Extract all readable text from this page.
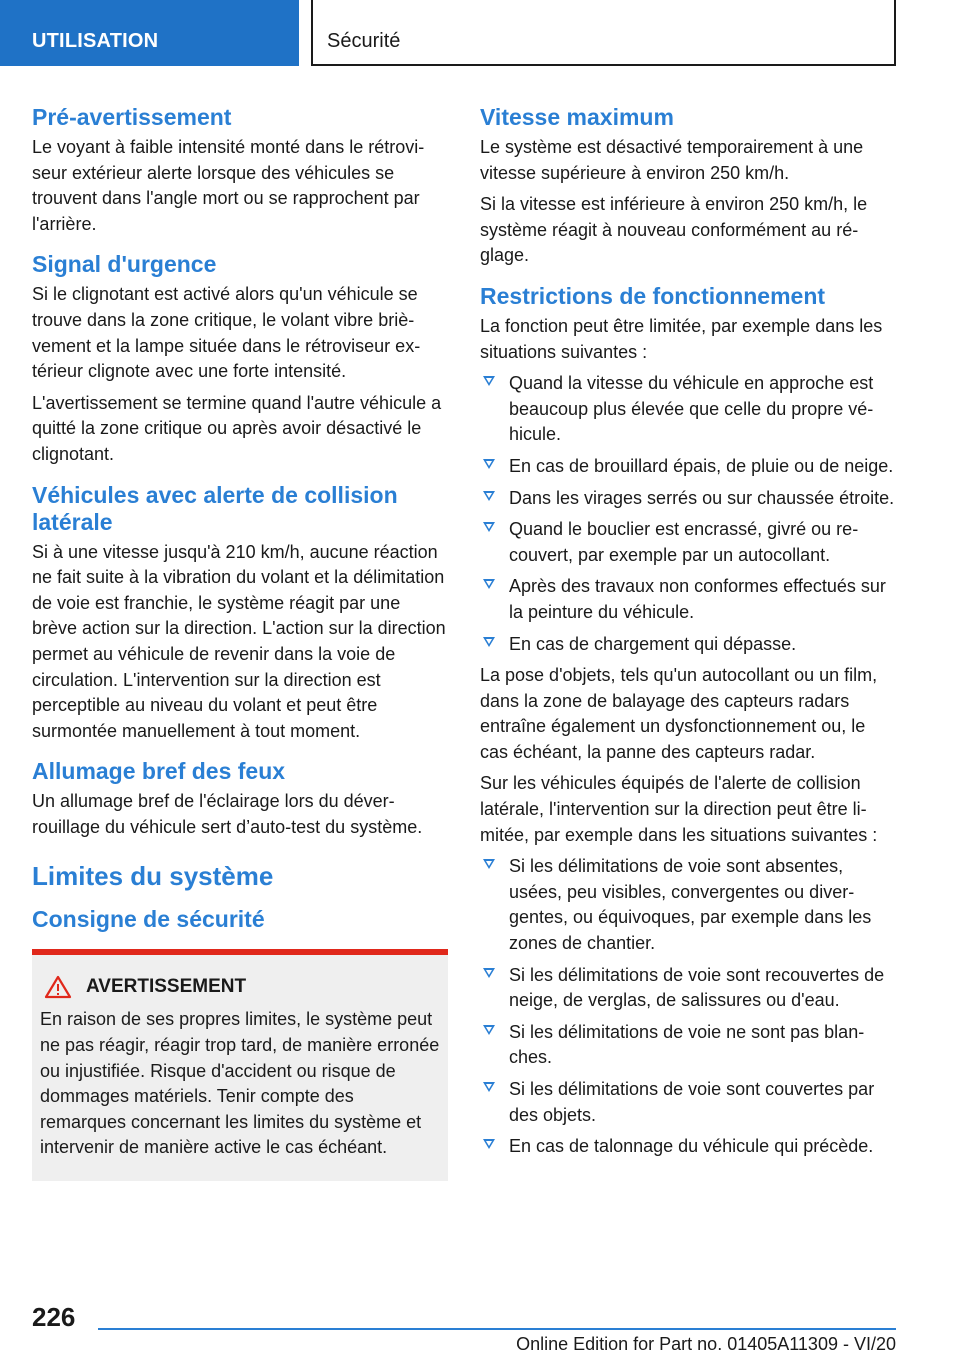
UTILISATION	Sécurité
Pré-avertissement

Le voyant à faible intensité monté dans le rétroviseur extérieur alerte lorsque des véhicules se trouvent dans l'angle mort ou se rapprochent par l'arrière.

Signal d'urgence

Si le clignotant est activé alors qu'un véhicule se trouve dans la zone critique, le volant vibre brièvement et la lampe située dans le rétroviseur extérieur clignote avec une forte intensité.

L'avertissement se termine quand l'autre véhicule a quitté la zone critique ou après avoir désactivé le clignotant.

Véhicules avec alerte de collision latérale

Si à une vitesse jusqu'à 210 km/h, aucune réaction ne fait suite à la vibration du volant et la délimitation de voie est franchie, le système réagit par une brève action sur la direction. L'action sur la direction permet au véhicule de revenir dans la voie de circulation. L'intervention sur la direction est perceptible au niveau du volant et peut être surmontée manuellement à tout moment.

Allumage bref des feux

Un allumage bref de l'éclairage lors du déverrouillage du véhicule sert d’auto-test du système.

Limites du système
Consigne de sécurité
AVERTISSEMENT

En raison de ses propres limites, le système peut ne pas réagir, réagir trop tard, de manière erronée ou injustifiée. Risque d'accident ou risque de dommages matériels. Tenir compte des remarques concernant les limites du système et intervenir de manière active le cas échéant.

Vitesse maximum

Le système est désactivé temporairement à une vitesse supérieure à environ 250 km/h.

Si la vitesse est inférieure à environ 250 km/h, le système réagit à nouveau conformément au réglage.

Restrictions de fonctionnement

La fonction peut être limitée, par exemple dans les situations suivantes :

Quand la vitesse du véhicule en approche est beaucoup plus élevée que celle du propre véhicule.
En cas de brouillard épais, de pluie ou de neige.
Dans les virages serrés ou sur chaussée étroite.
Quand le bouclier est encrassé, givré ou recouvert, par exemple par un autocollant.
Après des travaux non conformes effectués sur la peinture du véhicule.
En cas de chargement qui dépasse.

La pose d'objets, tels qu'un autocollant ou un film, dans la zone de balayage des capteurs radars entraîne également un dysfonctionnement ou, le cas échéant, la panne des capteurs radar.

Sur les véhicules équipés de l'alerte de collision latérale, l'intervention sur la direction peut être limitée, par exemple dans les situations suivantes :

Si les délimitations de voie sont absentes, usées, peu visibles, convergentes ou divergentes, ou équivoques, par exemple dans les zones de chantier.
Si les délimitations de voie sont recouvertes de neige, de verglas, de salissures ou d'eau.
Si les délimitations de voie ne sont pas blanches.
Si les délimitations de voie sont couvertes par des objets.
En cas de talonnage du véhicule qui précède.
226
Online Edition for Part no. 01405A11309 - VI/20
